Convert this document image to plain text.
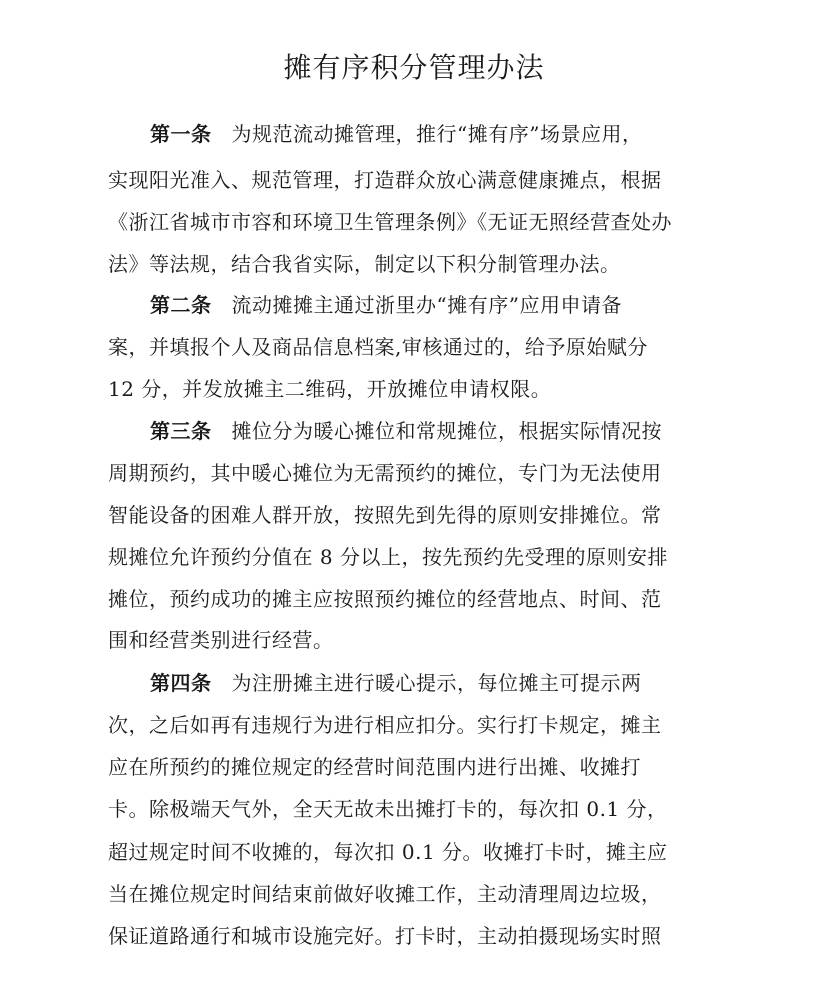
摊有序积分管理办法
第一条 为规范流动摊管理，推行“摊有序”场景应用，
实现阳光准入、规范管理，打造群众放心满意健康摊点，根据
《浙江省城市市容和环境卫生管理条例》《无证无照经营查处办
法》等法规，结合我省实际，制定以下积分制管理办法。
第二条 流动摊摊主通过浙里办“摊有序”应用申请备
案，并填报个人及商品信息档案,审核通过的，给予原始赋分
12 分，并发放摊主二维码，开放摊位申请权限。
第三条 摊位分为暖心摊位和常规摊位，根据实际情况按
周期预约，其中暖心摊位为无需预约的摊位，专门为无法使用
智能设备的困难人群开放，按照先到先得的原则安排摊位。常
规摊位允许预约分值在 8 分以上，按先预约先受理的原则安排
摊位，预约成功的摊主应按照预约摊位的经营地点、时间、范
围和经营类别进行经营。
第四条 为注册摊主进行暖心提示，每位摊主可提示两
次，之后如再有违规行为进行相应扣分。实行打卡规定，摊主
应在所预约的摊位规定的经营时间范围内进行出摊、收摊打
卡。除极端天气外，全天无故未出摊打卡的，每次扣 0.1 分，
超过规定时间不收摊的，每次扣 0.1 分。收摊打卡时，摊主应
当在摊位规定时间结束前做好收摊工作，主动清理周边垃圾，
保证道路通行和城市设施完好。打卡时，主动拍摄现场实时照
